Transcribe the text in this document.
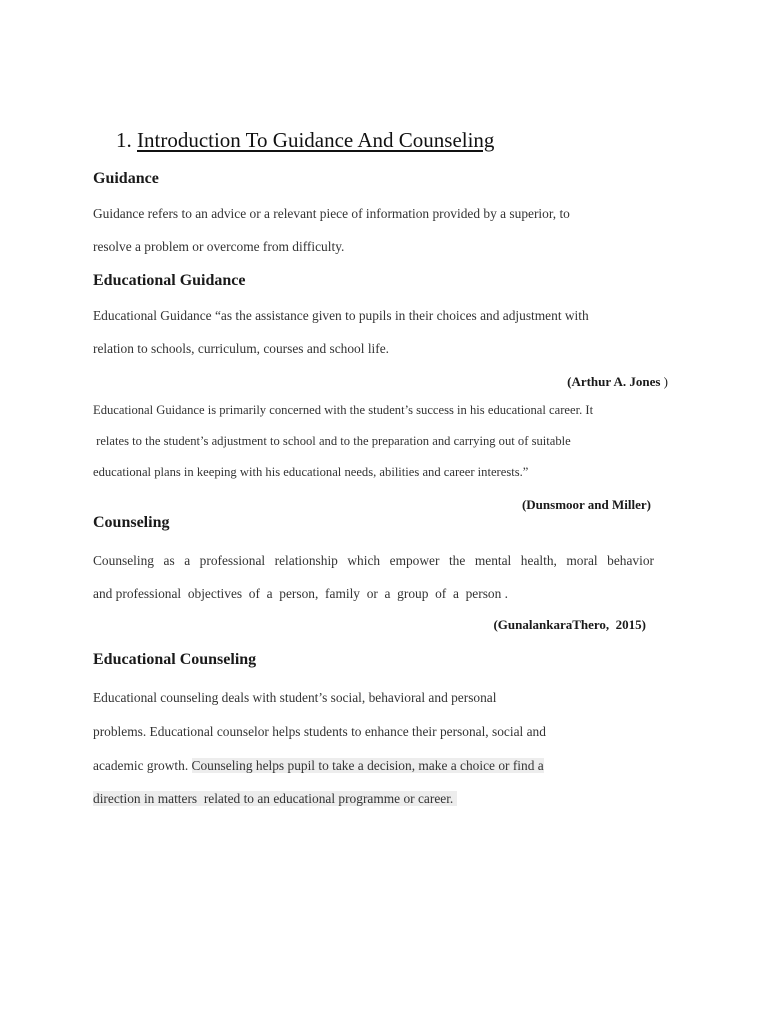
1. Introduction To Guidance And Counseling
Guidance
Guidance refers to an advice or a relevant piece of information provided by a superior, to
resolve a problem or overcome from difficulty.
Educational Guidance
Educational Guidance “as the assistance given to pupils in their choices and adjustment with
relation to schools, curriculum, courses and school life.
(Arthur A. Jones )
Educational Guidance is primarily concerned with the student’s success in his educational career. It
relates to the student’s adjustment to school and to the preparation and carrying out of suitable
educational plans in keeping with his educational needs, abilities and career interests.”
(Dunsmoor and Miller)
Counseling
Counseling as a professional relationship which empower the mental health, moral behavior
and professional  objectives  of  a  person,  family  or  a  group  of  a  person .
(GunalankaraThero,  2015)
Educational Counseling
Educational counseling deals with student’s social, behavioral and personal
problems. Educational counselor helps students to enhance their personal, social and
academic growth. Counseling helps pupil to take a decision, make a choice or find a
direction in matters  related to an educational programme or career.
